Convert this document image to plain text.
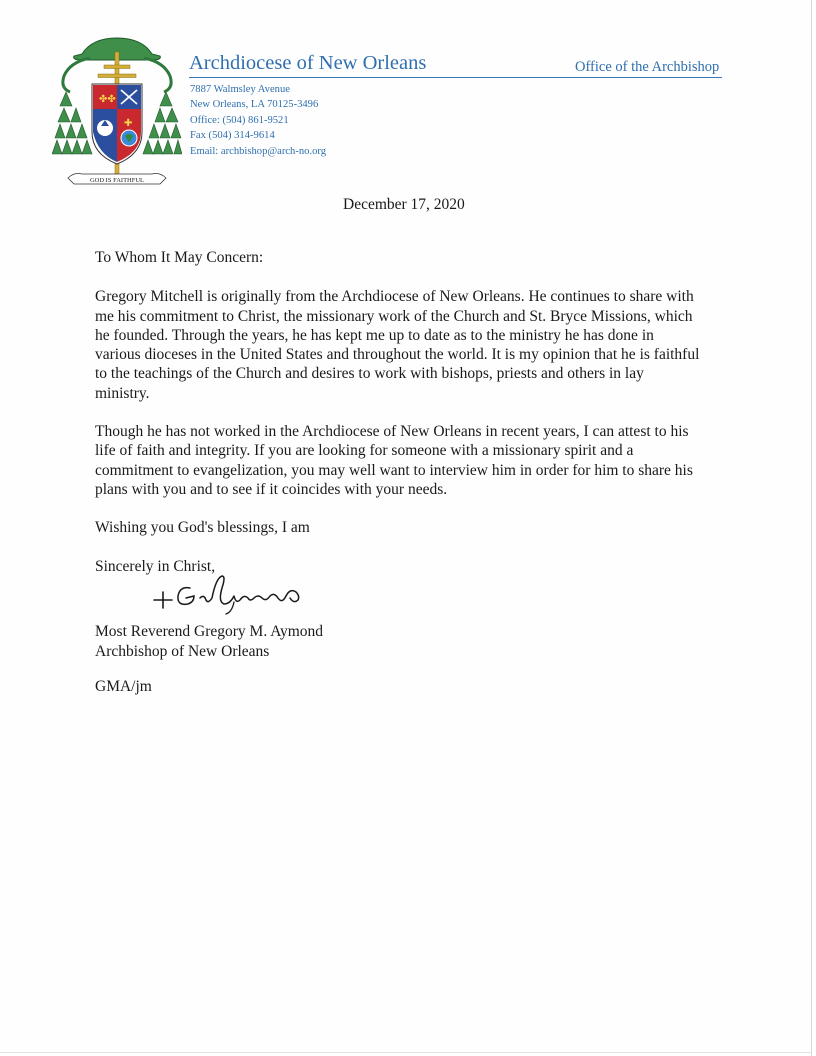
✤✤
✚
GOD IS FAITHFUL
Archdiocese of New Orleans	Office of the Archbishop
7887 Walmsley Avenue
New Orleans, LA 70125-3496
Office: (504) 861-9521
Fax (504) 314-9614
Email: archbishop@arch-no.org
December 17, 2020

To Whom It May Concern:

Gregory Mitchell is originally from the Archdiocese of New Orleans. He continues to share with

me his commitment to Christ, the missionary work of the Church and St. Bryce Missions, which

he founded. Through the years, he has kept me up to date as to the ministry he has done in

various dioceses in the United States and throughout the world. It is my opinion that he is faithful

to the teachings of the Church and desires to work with bishops, priests and others in lay

ministry.

Though he has not worked in the Archdiocese of New Orleans in recent years, I can attest to his

life of faith and integrity. If you are looking for someone with a missionary spirit and a

commitment to evangelization, you may well want to interview him in order for him to share his

plans with you and to see if it coincides with your needs.

Wishing you God's blessings, I am

Sincerely in Christ,

Most Reverend Gregory M. Aymond
Archbishop of New Orleans
GMA/jm
